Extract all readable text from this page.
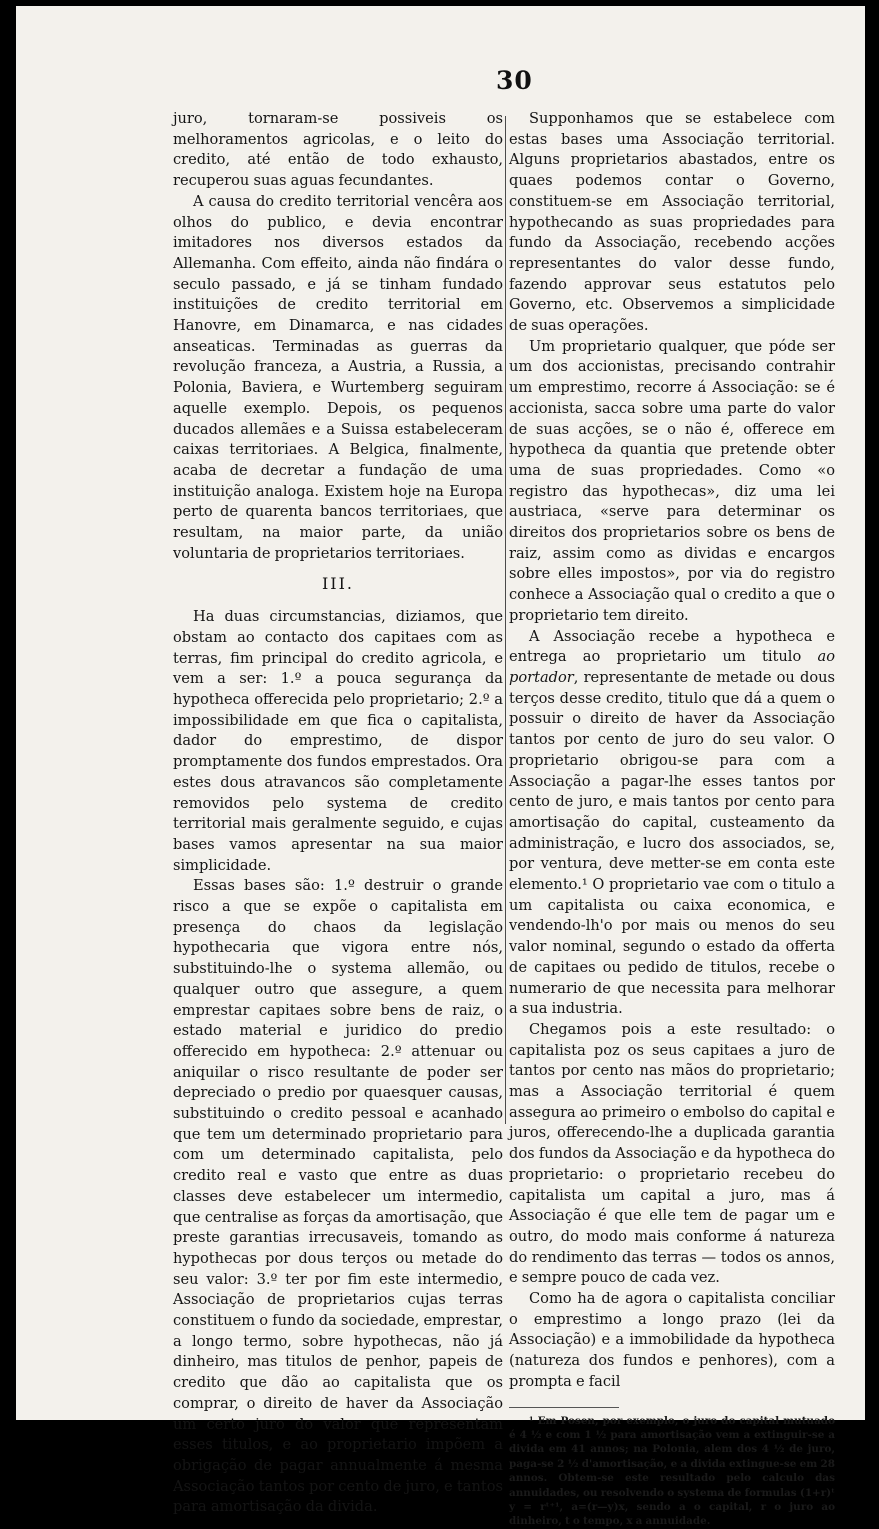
30

juro, tornaram-se possiveis os melhoramentos agricolas, e o leito do credito, até então de todo exhausto, recuperou suas aguas fecundantes.

A causa do credito territorial vencêra aos olhos do publico, e devia encontrar imitadores nos diversos estados da Allemanha. Com effeito, ainda não findára o seculo passado, e já se tinham fundado instituições de credito territorial em Hanovre, em Dinamarca, e nas cidades anseaticas. Terminadas as guerras da revolução franceza, a Austria, a Russia, a Polonia, Baviera, e Wurtemberg seguiram aquelle exemplo. Depois, os pequenos ducados allemães e a Suissa estabeleceram caixas territoriaes. A Belgica, finalmente, acaba de decretar a fundação de uma instituição analoga. Existem hoje na Europa perto de quarenta bancos territoriaes, que resultam, na maior parte, da união voluntaria de proprietarios territoriaes.

III.

Ha duas circumstancias, diziamos, que obstam ao contacto dos capitaes com as terras, fim principal do credito agricola, e vem a ser: 1.º a pouca segurança da hypotheca offerecida pelo proprietario; 2.º a impossibilidade em que fica o capitalista, dador do emprestimo, de dispor promptamente dos fundos emprestados. Ora estes dous atravancos são completamente removidos pelo systema de credito territorial mais geralmente seguido, e cujas bases vamos apresentar na sua maior simplicidade.

Essas bases são: 1.º destruir o grande risco a que se expõe o capitalista em presença do chaos da legislação hypothecaria que vigora entre nós, substituindo-lhe o systema allemão, ou qualquer outro que assegure, a quem emprestar capitaes sobre bens de raiz, o estado material e juridico do predio offerecido em hypotheca: 2.º attenuar ou aniquilar o risco resultante de poder ser depreciado o predio por quaesquer causas, substituindo o credito pessoal e acanhado que tem um determinado proprietario para com um determinado capitalista, pelo credito real e vasto que entre as duas classes deve estabelecer um intermedio, que centralise as forças da amortisação, que preste garantias irrecusaveis, tomando as hypothecas por dous terços ou metade do seu valor: 3.º ter por fim este intermedio, Associação de proprietarios cujas terras constituem o fundo da sociedade, emprestar, a longo termo, sobre hypothecas, não já dinheiro, mas titulos de penhor, papeis de credito que dão ao capitalista que os comprar, o direito de haver da Associação um certo juro do valor que representam esses titulos, e ao proprietario impõem a obrigação de pagar annualmente á mesma Associação tantos por cento de juro, e tantos para amortisação da divida.

Supponhamos que se estabelece com estas bases uma Associação territorial. Alguns proprietarios abastados, entre os quaes podemos contar o Governo, constituem-se em Associação territorial, hypothecando as suas propriedades para fundo da Associação, recebendo acções representantes do valor desse fundo, fazendo approvar seus estatutos pelo Governo, etc. Observemos a simplicidade de suas operações.

Um proprietario qualquer, que póde ser um dos accionistas, precisando contrahir um emprestimo, recorre á Associação: se é accionista, sacca sobre uma parte do valor de suas acções, se o não é, offerece em hypotheca da quantia que pretende obter uma de suas propriedades. Como «o registro das hypothecas», diz uma lei austriaca, «serve para determinar os direitos dos proprietarios sobre os bens de raiz, assim como as dividas e encargos sobre elles impostos», por via do registro conhece a Associação qual o credito a que o proprietario tem direito.

A Associação recebe a hypotheca e entrega ao proprietario um titulo ao portador, representante de metade ou dous terços desse credito, titulo que dá a quem o possuir o direito de haver da Associação tantos por cento de juro do seu valor. O proprietario obrigou-se para com a Associação a pagar-lhe esses tantos por cento de juro, e mais tantos por cento para amortisação do capital, custeamento da administração, e lucro dos associados, se, por ventura, deve metter-se em conta este elemento.¹ O proprietario vae com o titulo a um capitalista ou caixa economica, e vendendo-lh'o por mais ou menos do seu valor nominal, segundo o estado da offerta de capitaes ou pedido de titulos, recebe o numerario de que necessita para melhorar a sua industria.

Chegamos pois a este resultado: o capitalista poz os seus capitaes a juro de tantos por cento nas mãos do proprietario; mas a Associação territorial é quem assegura ao primeiro o embolso do capital e juros, offerecendo-lhe a duplicada garantia dos fundos da Associação e da hypotheca do proprietario: o proprietario recebeu do capitalista um capital a juro, mas á Associação é que elle tem de pagar um e outro, do modo mais conforme á natureza do rendimento das terras — todos os annos, e sempre pouco de cada vez.

Como ha de agora o capitalista conciliar o emprestimo a longo prazo (lei da Associação) e a immobilidade da hypotheca (natureza dos fundos e penhores), com a prompta e facil

¹ Em Posen, por exemplo, o juro do capital mutuado é 4 ½ e com 1 ½ para amortisação vem a extinguir-se a divida em 41 annos; na Polonia, alem dos 4 ½ de juro, paga-se 2 ½ d'amortisação, e a divida extingue-se em 28 annos. Obtem-se este resultado pelo calculo das annuidades, ou resolvendo o systema de formulas (1+r)ᵗ y = rᵗ⁺¹, a=(r—y)x, sendo a o capital, r o juro ao dinheiro, t o tempo, x a annuidade.
